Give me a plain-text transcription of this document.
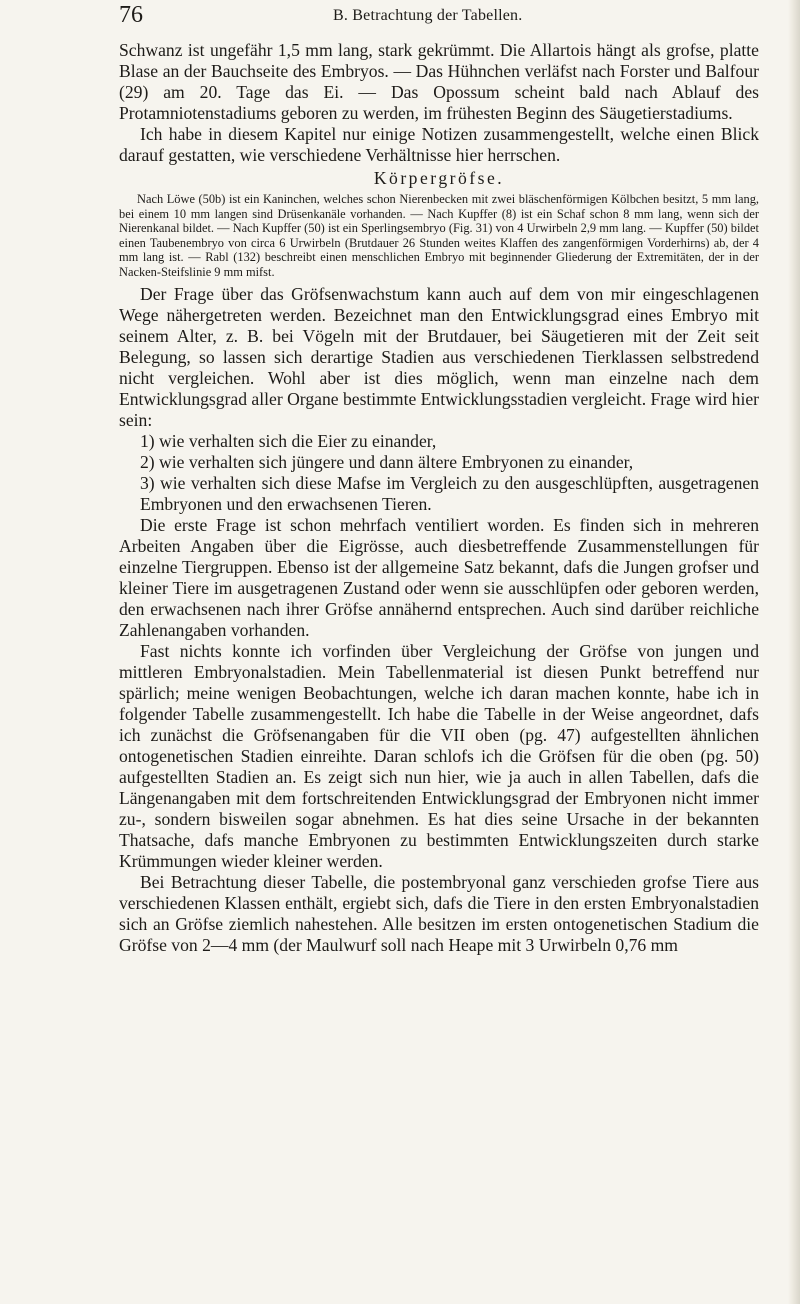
76	B. Betrachtung der Tabellen.

Schwanz ist ungefähr 1,5 mm lang, stark gekrümmt. Die Allartois hängt als grofse, platte Blase an der Bauchseite des Embryos. — Das Hühnchen verläfst nach Forster und Balfour (29) am 20. Tage das Ei. — Das Opossum scheint bald nach Ablauf des Protamniotenstadiums geboren zu werden, im frühesten Beginn des Säugetierstadiums.

Ich habe in diesem Kapitel nur einige Notizen zusammengestellt, welche einen Blick darauf gestatten, wie verschiedene Verhältnisse hier herrschen.

Körpergröfse.

Nach Löwe (50b) ist ein Kaninchen, welches schon Nierenbecken mit zwei bläschenförmigen Kölbchen besitzt, 5 mm lang, bei einem 10 mm langen sind Drüsenkanäle vorhanden. — Nach Kupffer (8) ist ein Schaf schon 8 mm lang, wenn sich der Nierenkanal bildet. — Nach Kupffer (50) ist ein Sperlingsembryo (Fig. 31) von 4 Urwirbeln 2,9 mm lang. — Kupffer (50) bildet einen Taubenembryo von circa 6 Urwirbeln (Brutdauer 26 Stunden weites Klaffen des zangenförmigen Vorderhirns) ab, der 4 mm lang ist. — Rabl (132) beschreibt einen menschlichen Embryo mit beginnender Gliederung der Extremitäten, der in der Nacken-Steifslinie 9 mm mifst.

Der Frage über das Gröfsenwachstum kann auch auf dem von mir eingeschlagenen Wege nähergetreten werden. Bezeichnet man den Entwicklungsgrad eines Embryo mit seinem Alter, z. B. bei Vögeln mit der Brutdauer, bei Säugetieren mit der Zeit seit Belegung, so lassen sich derartige Stadien aus verschiedenen Tierklassen selbstredend nicht vergleichen. Wohl aber ist dies möglich, wenn man einzelne nach dem Entwicklungsgrad aller Organe bestimmte Entwicklungsstadien vergleicht. Frage wird hier sein:

1) wie verhalten sich die Eier zu einander,

2) wie verhalten sich jüngere und dann ältere Embryonen zu einander,

3) wie verhalten sich diese Mafse im Vergleich zu den ausgeschlüpften, ausgetragenen Embryonen und den erwachsenen Tieren.

Die erste Frage ist schon mehrfach ventiliert worden. Es finden sich in mehreren Arbeiten Angaben über die Eigrösse, auch diesbetreffende Zusammenstellungen für einzelne Tiergruppen. Ebenso ist der allgemeine Satz bekannt, dafs die Jungen grofser und kleiner Tiere im ausgetragenen Zustand oder wenn sie ausschlüpfen oder geboren werden, den erwachsenen nach ihrer Gröfse annähernd entsprechen. Auch sind darüber reichliche Zahlenangaben vorhanden.

Fast nichts konnte ich vorfinden über Vergleichung der Gröfse von jungen und mittleren Embryonalstadien. Mein Tabellenmaterial ist diesen Punkt betreffend nur spärlich; meine wenigen Beobachtungen, welche ich daran machen konnte, habe ich in folgender Tabelle zusammengestellt. Ich habe die Tabelle in der Weise angeordnet, dafs ich zunächst die Gröfsenangaben für die VII oben (pg. 47) aufgestellten ähnlichen ontogenetischen Stadien einreihte. Daran schlofs ich die Gröfsen für die oben (pg. 50) aufgestellten Stadien an. Es zeigt sich nun hier, wie ja auch in allen Tabellen, dafs die Längenangaben mit dem fortschreitenden Entwicklungsgrad der Embryonen nicht immer zu-, sondern bisweilen sogar abnehmen. Es hat dies seine Ursache in der bekannten Thatsache, dafs manche Embryonen zu bestimmten Entwicklungszeiten durch starke Krümmungen wieder kleiner werden.

Bei Betrachtung dieser Tabelle, die postembryonal ganz verschieden grofse Tiere aus verschiedenen Klassen enthält, ergiebt sich, dafs die Tiere in den ersten Embryonalstadien sich an Gröfse ziemlich nahestehen. Alle besitzen im ersten ontogenetischen Stadium die Gröfse von 2—4 mm (der Maulwurf soll nach Heape mit 3 Urwirbeln 0,76 mm
